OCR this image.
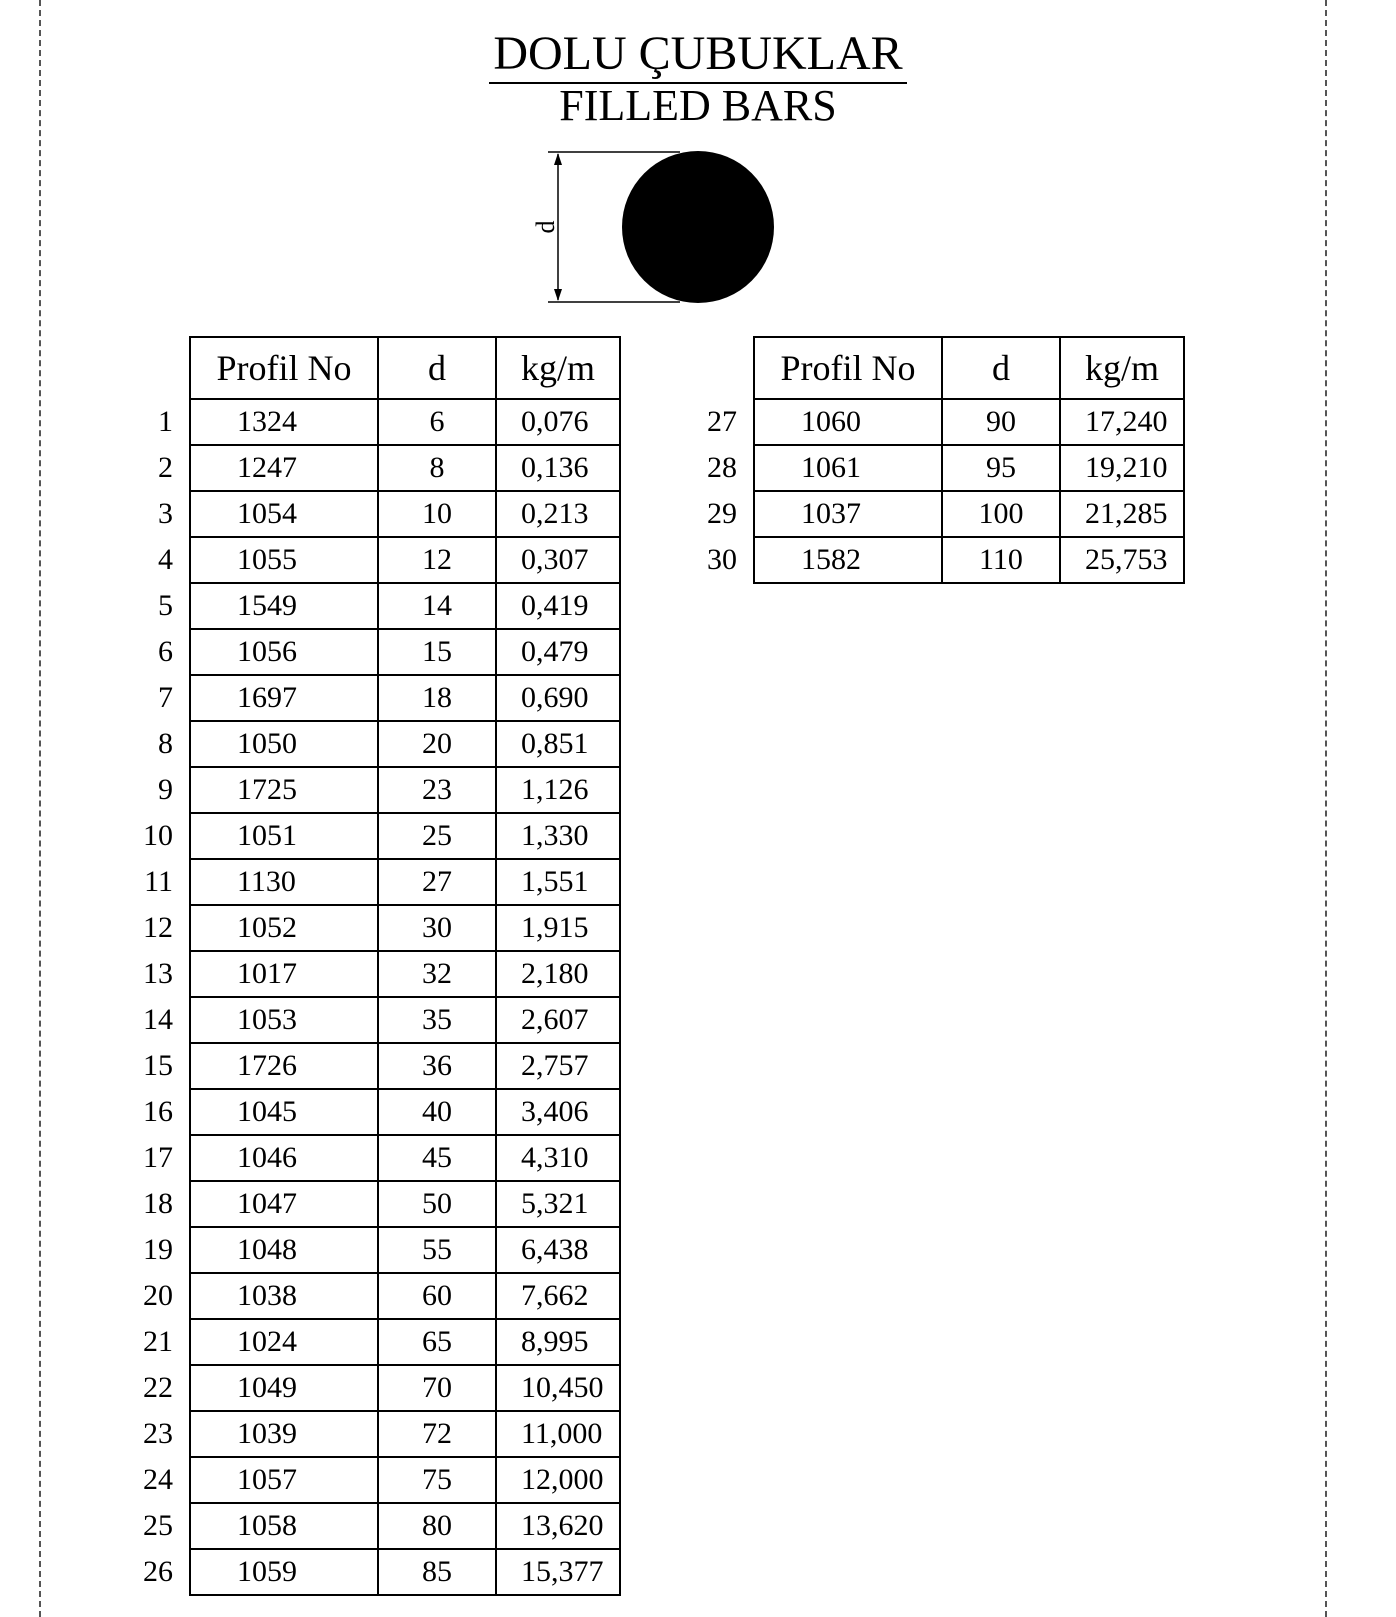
DOLU ÇUBUKLAR
FILLED BARS
d
	Profil No	d	kg/m
1	1324	6	0,076
2	1247	8	0,136
3	1054	10	0,213
4	1055	12	0,307
5	1549	14	0,419
6	1056	15	0,479
7	1697	18	0,690
8	1050	20	0,851
9	1725	23	1,126
10	1051	25	1,330
11	1130	27	1,551
12	1052	30	1,915
13	1017	32	2,180
14	1053	35	2,607
15	1726	36	2,757
16	1045	40	3,406
17	1046	45	4,310
18	1047	50	5,321
19	1048	55	6,438
20	1038	60	7,662
21	1024	65	8,995
22	1049	70	10,450
23	1039	72	11,000
24	1057	75	12,000
25	1058	80	13,620
26	1059	85	15,377
	Profil No	d	kg/m
27	1060	90	17,240
28	1061	95	19,210
29	1037	100	21,285
30	1582	110	25,753
